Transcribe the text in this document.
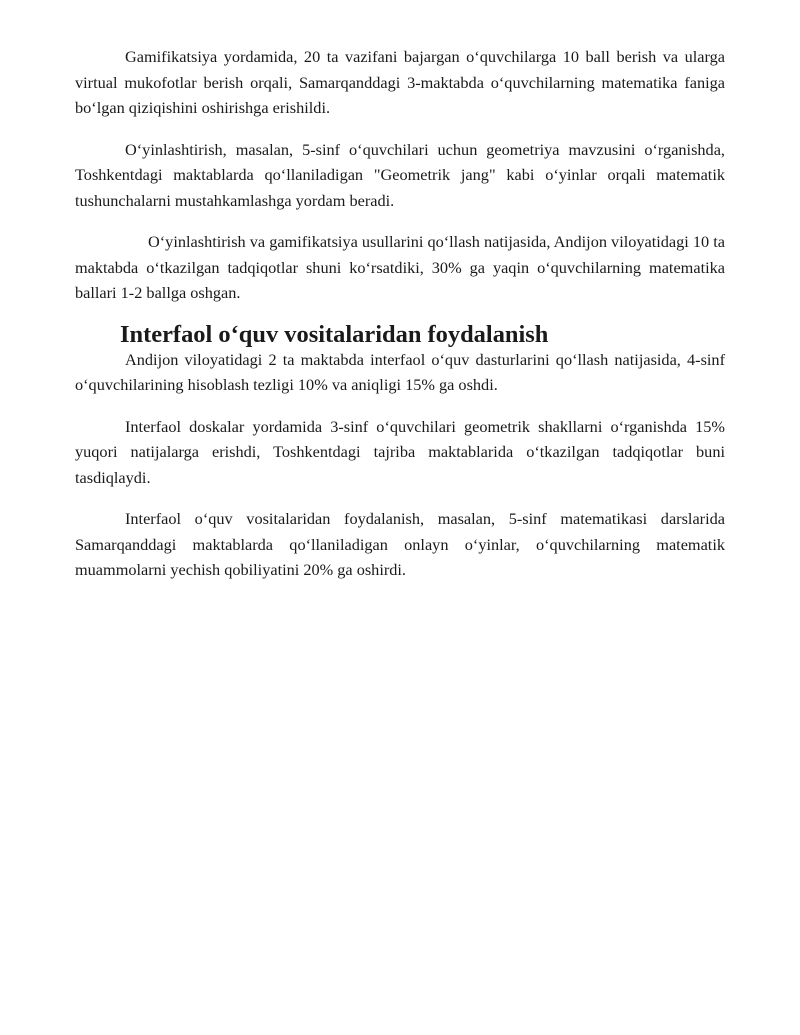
Gamifikatsiya yordamida, 20 ta vazifani bajargan o‘quvchilarga 10 ball berish va ularga virtual mukofotlar berish orqali, Samarqanddagi 3-maktabda o‘quvchilarning matematika faniga bo‘lgan qiziqishini oshirishga erishildi.

O‘yinlashtirish, masalan, 5-sinf o‘quvchilari uchun geometriya mavzusini o‘rganishda, Toshkentdagi maktablarda qo‘llaniladigan "Geometrik jang" kabi o‘yinlar orqali matematik tushunchalarni mustahkamlashga yordam beradi.

O‘yinlashtirish va gamifikatsiya usullarini qo‘llash natijasida, Andijon viloyatidagi 10 ta maktabda o‘tkazilgan tadqiqotlar shuni ko‘rsatdiki, 30% ga yaqin o‘quvchilarning matematika ballari 1-2 ballga oshgan.

Interfaol o‘quv vositalaridan foydalanish

Andijon viloyatidagi 2 ta maktabda interfaol o‘quv dasturlarini qo‘llash natijasida, 4-sinf o‘quvchilarining hisoblash tezligi 10% va aniqligi 15% ga oshdi.

Interfaol doskalar yordamida 3-sinf o‘quvchilari geometrik shakllarni o‘rganishda 15% yuqori natijalarga erishdi, Toshkentdagi tajriba maktablarida o‘tkazilgan tadqiqotlar buni tasdiqlaydi.

Interfaol o‘quv vositalaridan foydalanish, masalan, 5-sinf matematikasi darslarida Samarqanddagi maktablarda qo‘llaniladigan onlayn o‘yinlar, o‘quvchilarning matematik muammolarni yechish qobiliyatini 20% ga oshirdi.
